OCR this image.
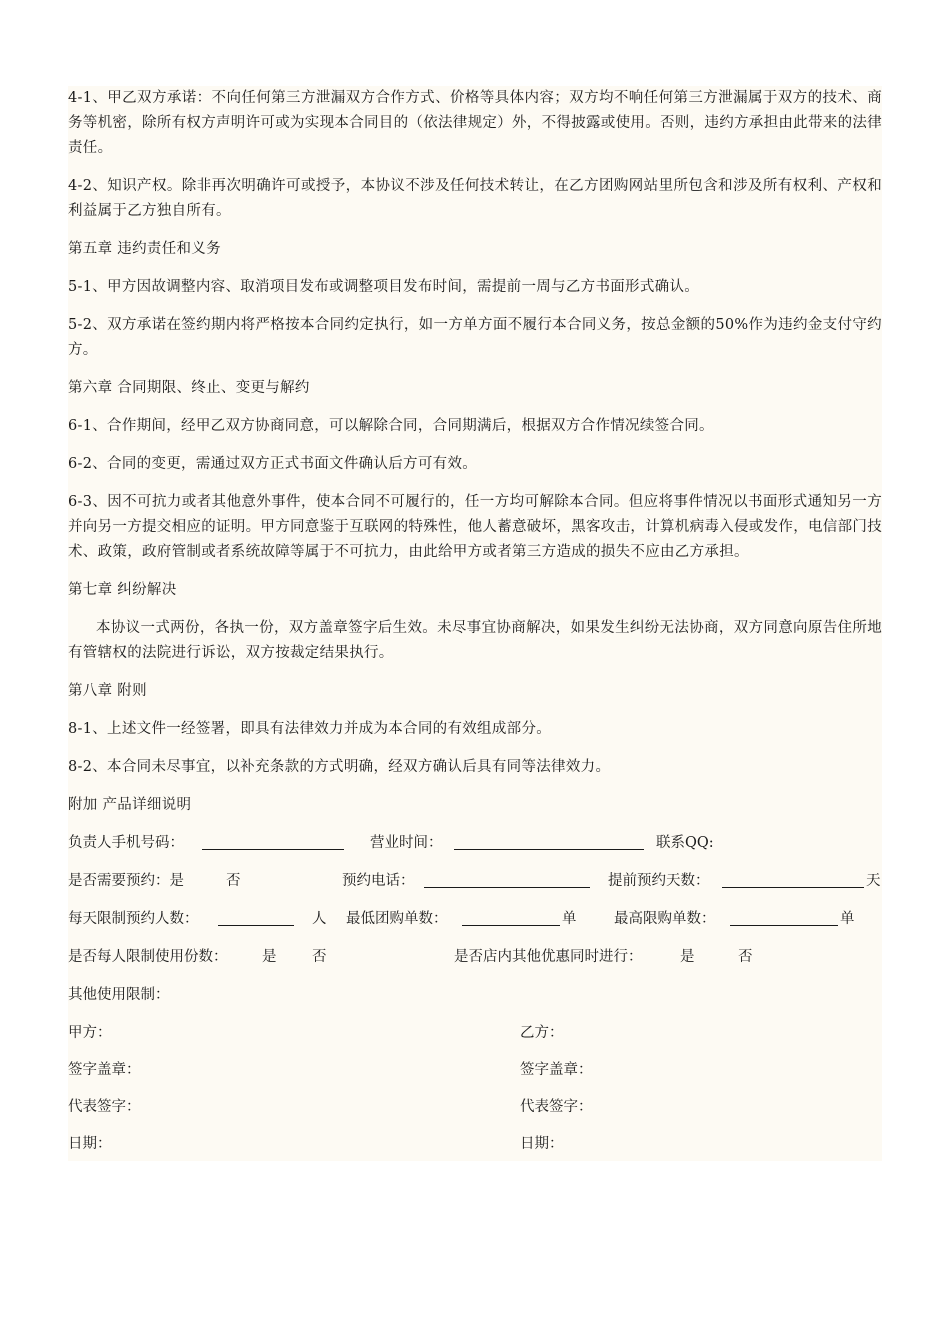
4-1、甲乙双方承诺：不向任何第三方泄漏双方合作方式、价格等具体内容；双方均不响任何第三方泄漏属于双方的技术、商务等机密，除所有权方声明许可或为实现本合同目的（依法律规定）外，不得披露或使用。否则，违约方承担由此带来的法律责任。

4-2、知识产权。除非再次明确许可或授予，本协议不涉及任何技术转让，在乙方团购网站里所包含和涉及所有权利、产权和利益属于乙方独自所有。

第五章 违约责任和义务

5-1、甲方因故调整内容、取消项目发布或调整项目发布时间，需提前一周与乙方书面形式确认。

5-2、双方承诺在签约期内将严格按本合同约定执行，如一方单方面不履行本合同义务，按总金额的50%作为违约金支付守约方。

第六章 合同期限、终止、变更与解约

6-1、合作期间，经甲乙双方协商同意，可以解除合同，合同期满后，根据双方合作情况续签合同。

6-2、合同的变更，需通过双方正式书面文件确认后方可有效。

6-3、因不可抗力或者其他意外事件，使本合同不可履行的，任一方均可解除本合同。但应将事件情况以书面形式通知另一方并向另一方提交相应的证明。甲方同意鉴于互联网的特殊性，他人蓄意破坏，黑客攻击，计算机病毒入侵或发作，电信部门技术、政策，政府管制或者系统故障等属于不可抗力，由此给甲方或者第三方造成的损失不应由乙方承担。

第七章 纠纷解决

本协议一式两份，各执一份，双方盖章签字后生效。未尽事宜协商解决，如果发生纠纷无法协商，双方同意向原告住所地有管辖权的法院进行诉讼，双方按裁定结果执行。

第八章 附则

8-1、上述文件一经签署，即具有法律效力并成为本合同的有效组成部分。

8-2、本合同未尽事宜，以补充条款的方式明确，经双方确认后具有同等法律效力。

附加 产品详细说明

负责人手机号码：	营业时间：	联系QQ:
是否需要预约：是	否	预约电话：	提前预约天数：	天
每天限制预约人数：	人 最低团购单数：	单	最高限购单数：	单
是否每人限制使用份数： 是 否	是否店内其他优惠同时进行：	是	否
其他使用限制：
甲方：	乙方：
签字盖章：	签字盖章：
代表签字：	代表签字：
日期：	日期：
